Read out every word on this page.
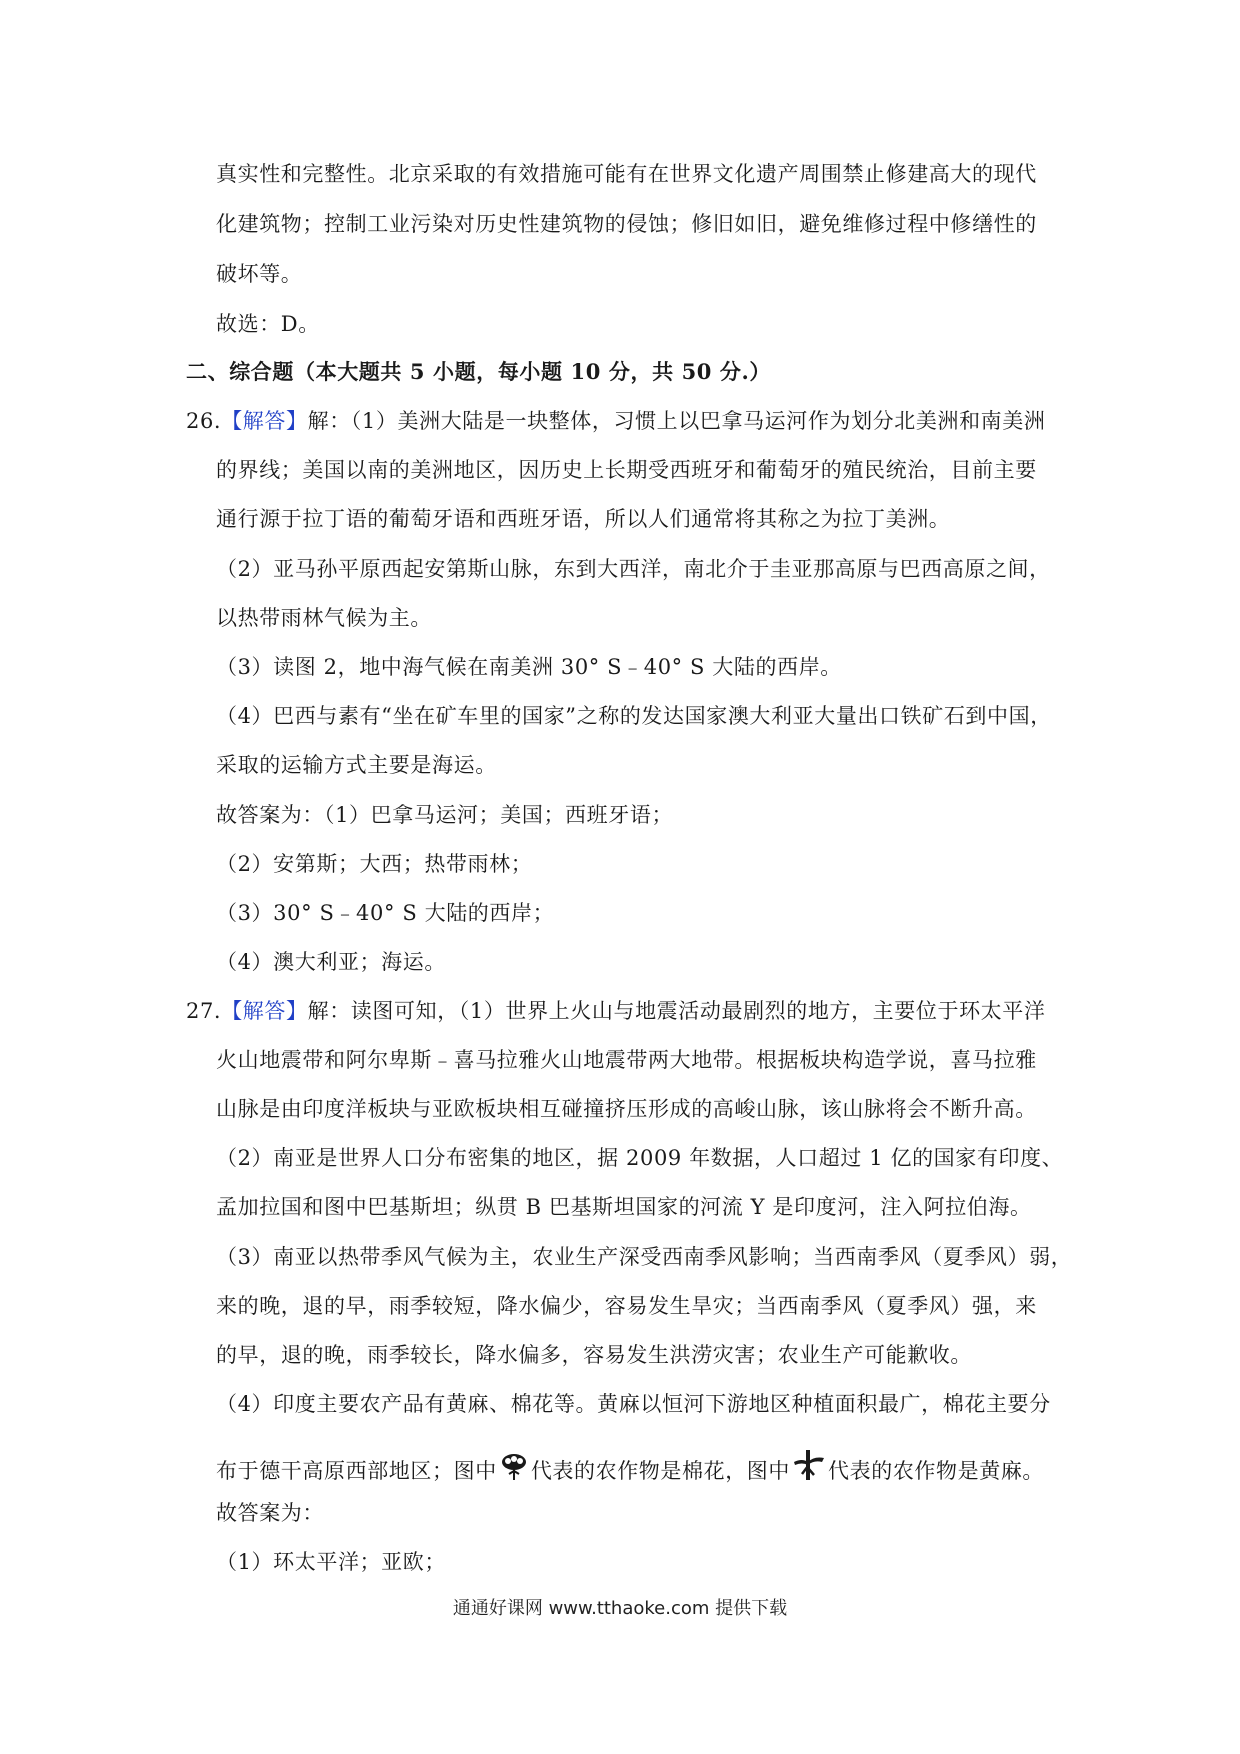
真实性和完整性。北京采取的有效措施可能有在世界文化遗产周围禁止修建高大的现代
化建筑物；控制工业污染对历史性建筑物的侵蚀；修旧如旧，避免维修过程中修缮性的
破坏等。
故选：D。
二、综合题（本大题共 5 小题，每小题 10 分，共 50 分.）
26.【解答】解：（1）美洲大陆是一块整体，习惯上以巴拿马运河作为划分北美洲和南美洲
的界线；美国以南的美洲地区，因历史上长期受西班牙和葡萄牙的殖民统治，目前主要
通行源于拉丁语的葡萄牙语和西班牙语，所以人们通常将其称之为拉丁美洲。
（2）亚马孙平原西起安第斯山脉，东到大西洋，南北介于圭亚那高原与巴西高原之间，
以热带雨林气候为主。
（3）读图 2，地中海气候在南美洲 30° S﹣40° S 大陆的西岸。
（4）巴西与素有“坐在矿车里的国家”之称的发达国家澳大利亚大量出口铁矿石到中国，
采取的运输方式主要是海运。
故答案为：（1）巴拿马运河；美国；西班牙语；
（2）安第斯；大西；热带雨林；
（3）30° S﹣40° S 大陆的西岸；
（4）澳大利亚；海运。
27.【解答】解：读图可知，（1）世界上火山与地震活动最剧烈的地方，主要位于环太平洋
火山地震带和阿尔卑斯﹣喜马拉雅火山地震带两大地带。根据板块构造学说，喜马拉雅
山脉是由印度洋板块与亚欧板块相互碰撞挤压形成的高峻山脉，该山脉将会不断升高。
（2）南亚是世界人口分布密集的地区，据 2009 年数据，人口超过 1 亿的国家有印度、
孟加拉国和图中巴基斯坦；纵贯 B 巴基斯坦国家的河流 Y 是印度河，注入阿拉伯海。
（3）南亚以热带季风气候为主，农业生产深受西南季风影响；当西南季风（夏季风）弱，
来的晚，退的早，雨季较短，降水偏少，容易发生旱灾；当西南季风（夏季风）强，来
的早，退的晚，雨季较长，降水偏多，容易发生洪涝灾害；农业生产可能歉收。
（4）印度主要农产品有黄麻、棉花等。黄麻以恒河下游地区种植面积最广，棉花主要分
布于德干高原西部地区；图中 代表的农作物是棉花，图中 代表的农作物是黄麻。
故答案为：
（1）环太平洋；亚欧；
通通好课网 www.tthaoke.com 提供下载
